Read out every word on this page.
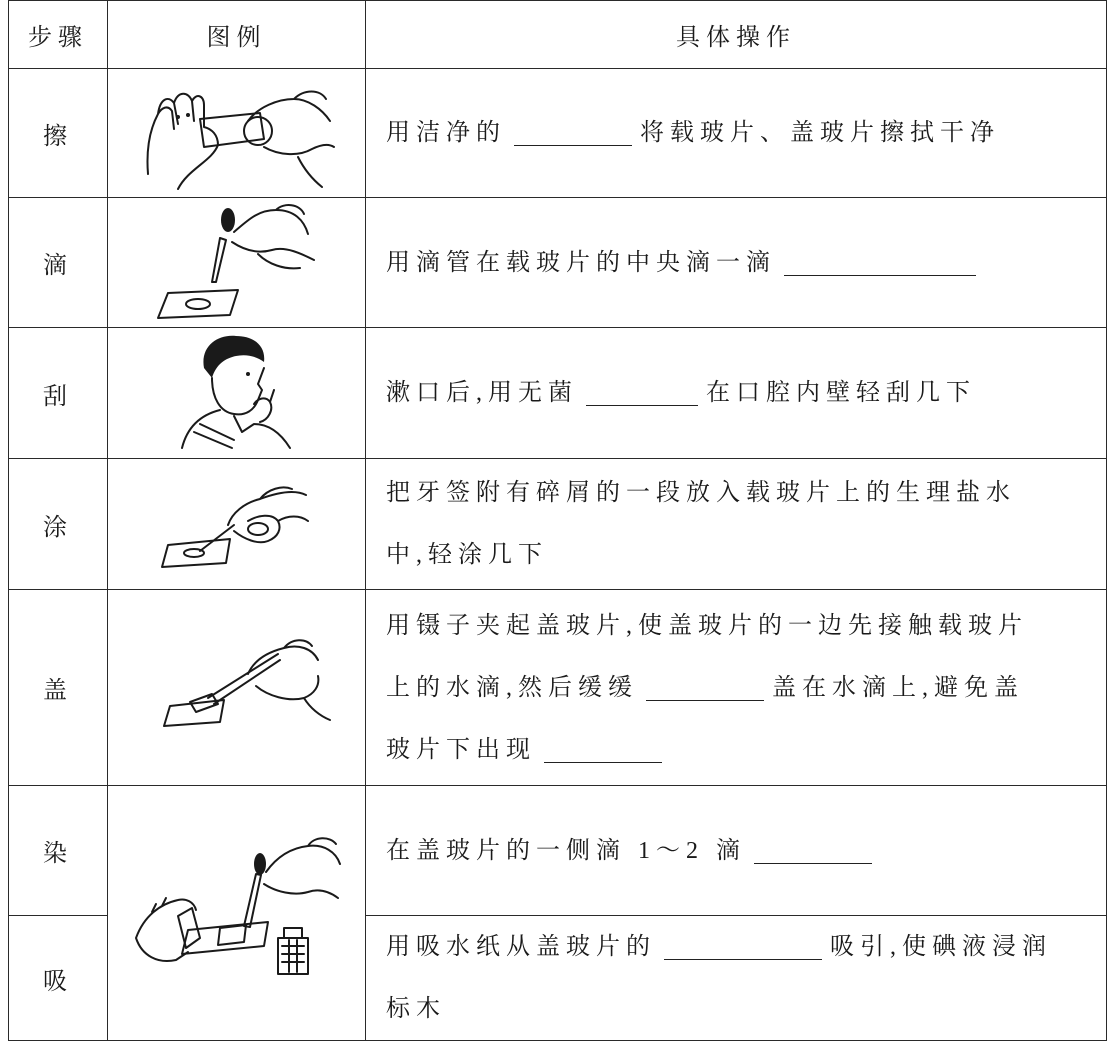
步骤	图例	具体操作
擦		用洁净的 将载玻片、盖玻片擦拭干净

滴		用滴管在载玻片的中央滴一滴

刮		漱口后,用无菌 在口腔内壁轻刮几下

涂		把牙签附有碎屑的一段放入载玻片上的生理盐水
中,轻涂几下

盖		用镊子夹起盖玻片,使盖玻片的一边先接触载玻片
上的水滴,然后缓缓 盖在水滴上,避免盖
玻片下出现

染		在盖玻片的一侧滴 1～2 滴

吸		用吸水纸从盖玻片的 吸引,使碘液浸润
标木
